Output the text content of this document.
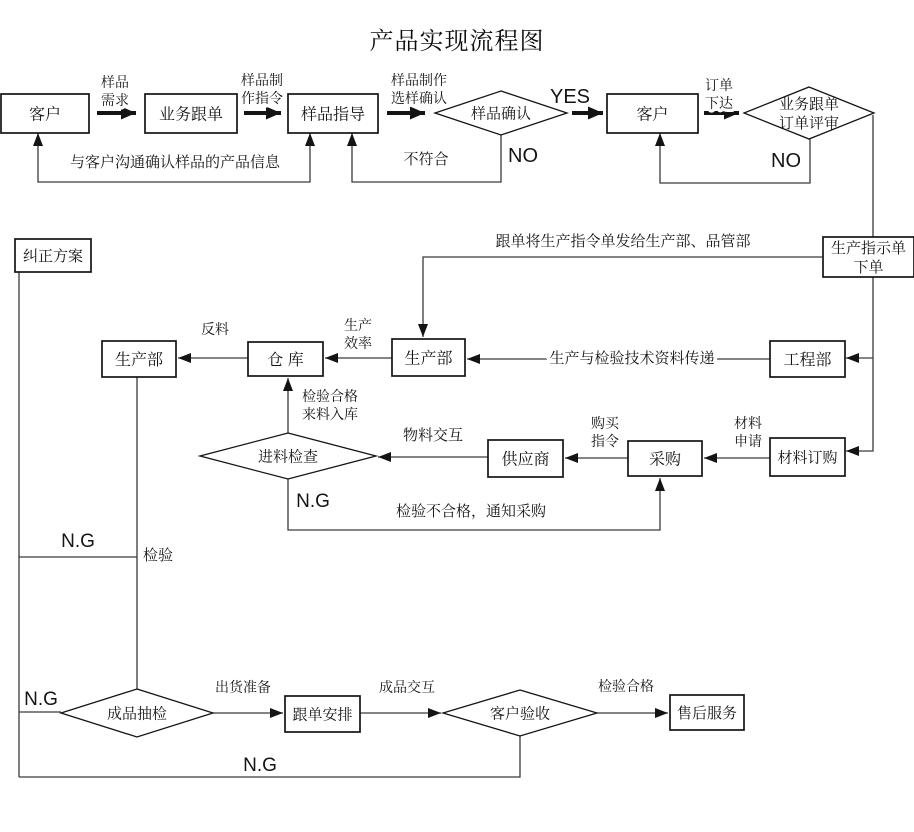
产品实现流程图
客户	业务跟单	样品指导	样品确认	客户
业务跟单订单评审
生产指示单下单
纠正方案
生产部	仓 库	生产部	工程部
进料检查	供应商	采购	材料订购
成品抽检	跟单安排	客户验收	售后服务
样品需求
样品制作指令
样品制作选样确认	YES
订单下达
NO	NO
不符合
与客户沟通确认样品的产品信息
跟单将生产指令单发给生产部、品管部
生产与检验技术资料传递
生产效率
反料
检验合格来料入库
物料交互
购买指令
材料申请
N.G	检验不合格，通知采购
N.G
检验
N.G
出货准备	成品交互	检验合格
N.G
